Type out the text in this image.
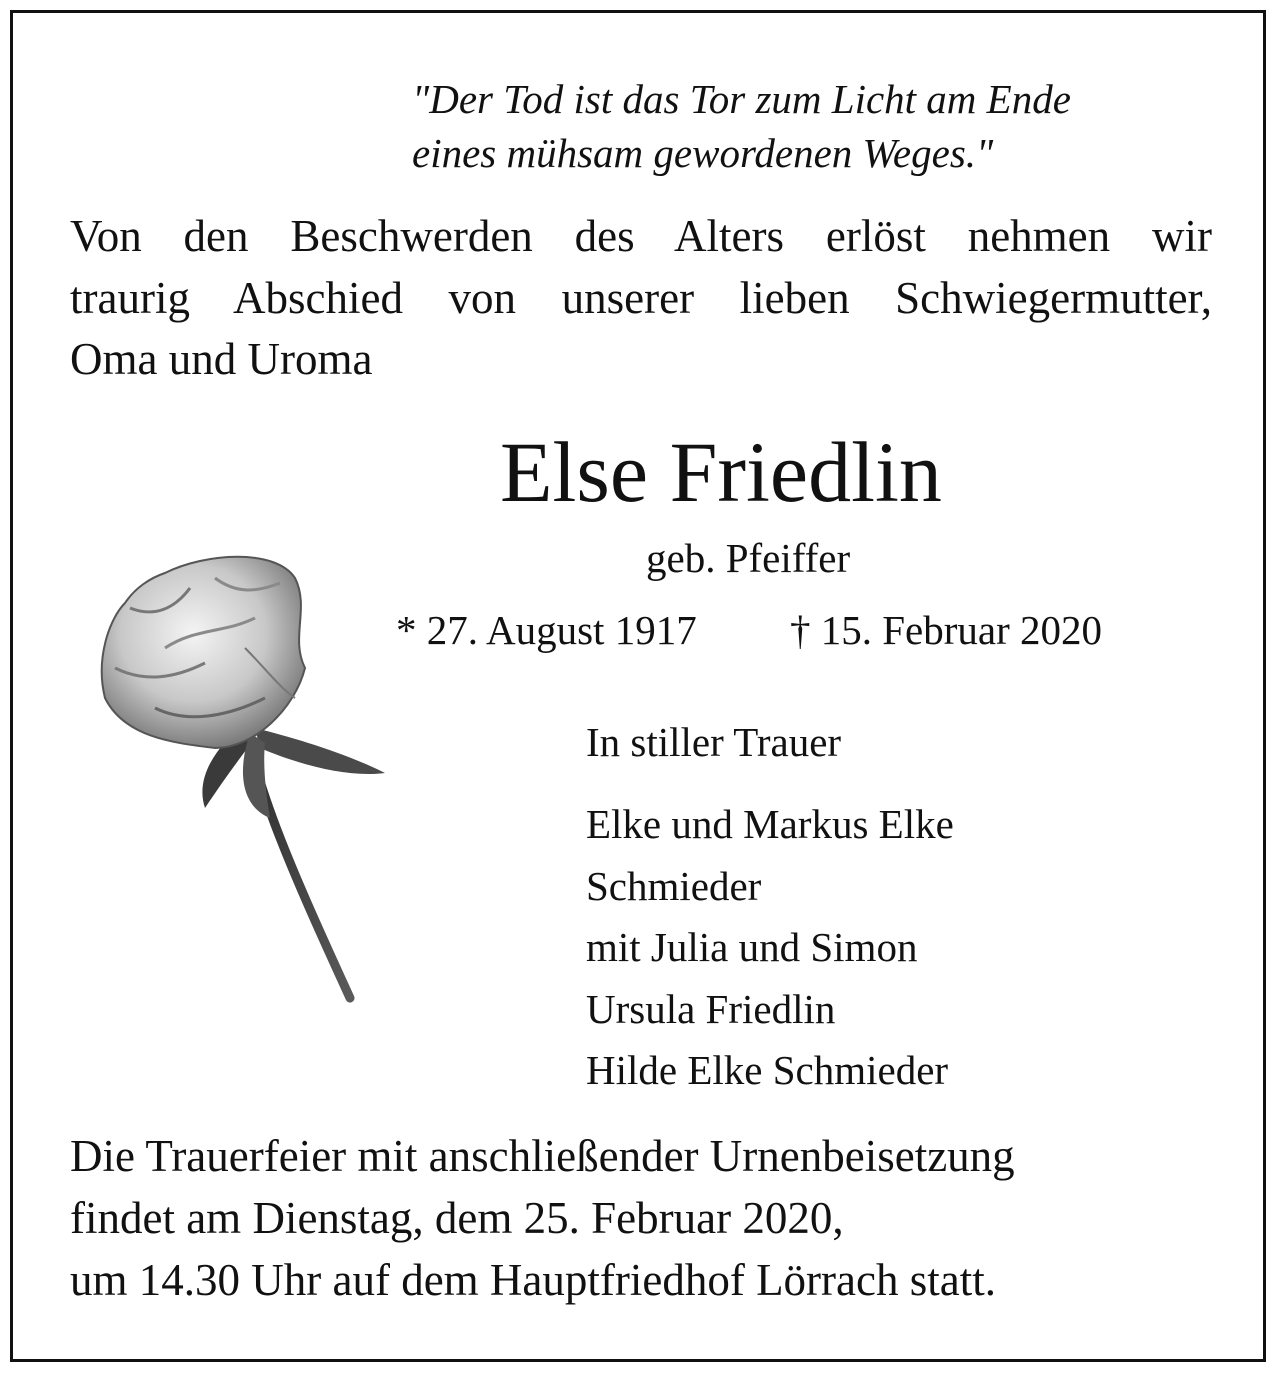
"Der Tod ist das Tor zum Licht am Ende

eines mühsam gewordenen Weges."

Von den Beschwerden des Alters erlöst nehmen wir

traurig Abschied von unserer lieben Schwiegermutter,

Oma und Uroma

Else Friedlin

geb. Pfeiffer

* 27. August 1917 † 15. Februar 2020

In stiller Trauer

Elke und Markus Elke

Schmieder

mit Julia und Simon

Ursula Friedlin

Hilde Elke Schmieder

Die Trauerfeier mit anschließender Urnenbeisetzung

findet am Dienstag, dem 25. Februar 2020,

um 14.30 Uhr auf dem Hauptfriedhof Lörrach statt.
